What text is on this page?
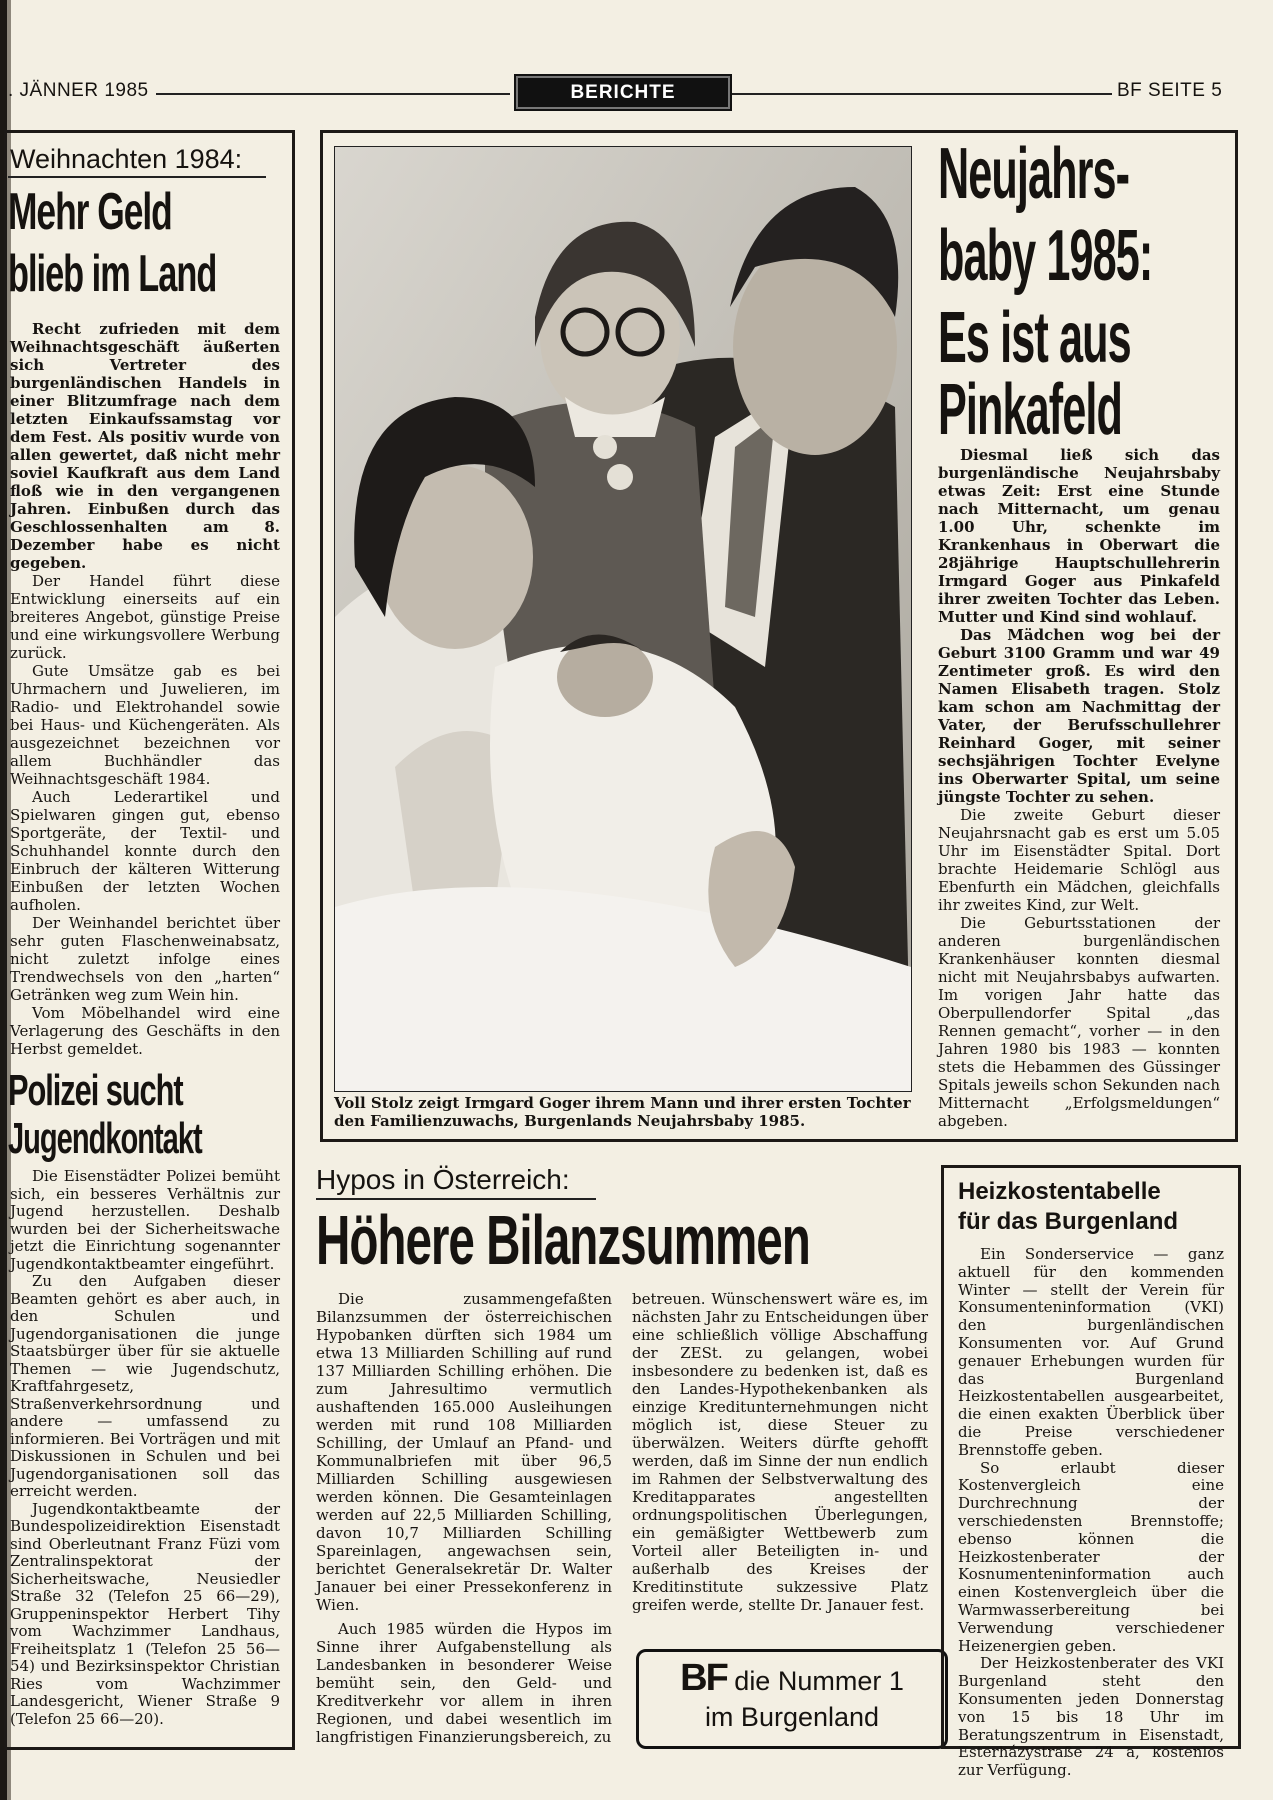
. JÄNNER 1985	BERICHTE	BF SEITE 5
Weihnachten 1984:
Mehr Geld
blieb im Land

Recht zufrieden mit dem Weihnachtsgeschäft äußerten sich Vertreter des burgenländischen Handels in einer Blitzumfrage nach dem letzten Einkaufssamstag vor dem Fest. Als positiv wurde von allen gewertet, daß nicht mehr soviel Kaufkraft aus dem Land floß wie in den vergangenen Jahren. Einbußen durch das Geschlossenhalten am 8. Dezember habe es nicht gegeben.

Der Handel führt diese Entwicklung einerseits auf ein breiteres Angebot, günstige Preise und eine wirkungsvollere Werbung zurück.

Gute Umsätze gab es bei Uhrmachern und Juwelieren, im Radio- und Elektrohandel sowie bei Haus- und Küchengeräten. Als ausgezeichnet bezeichnen vor allem Buchhändler das Weihnachtsgeschäft 1984.

Auch Lederartikel und Spielwaren gingen gut, ebenso Sportgeräte, der Textil- und Schuhhandel konnte durch den Einbruch der kälteren Witterung Einbußen der letzten Wochen aufholen.

Der Weinhandel berichtet über sehr guten Flaschenweinabsatz, nicht zuletzt infolge eines Trendwechsels von den „harten“ Getränken weg zum Wein hin.

Vom Möbelhandel wird eine Verlagerung des Geschäfts in den Herbst gemeldet.

Polizei sucht
Jugendkontakt

Die Eisenstädter Polizei bemüht sich, ein besseres Verhältnis zur Jugend herzustellen. Deshalb wurden bei der Sicherheitswache jetzt die Einrichtung sogenannter Jugendkontaktbeamter eingeführt.

Zu den Aufgaben dieser Beamten gehört es aber auch, in den Schulen und Jugendorganisationen die junge Staatsbürger über für sie aktuelle Themen — wie Jugendschutz, Kraftfahrgesetz, Straßenverkehrsordnung und andere — umfassend zu informieren. Bei Vorträgen und mit Diskussionen in Schulen und bei Jugendorganisationen soll das erreicht werden.

Jugendkontaktbeamte der Bundespolizeidirektion Eisenstadt sind Oberleutnant Franz Füzi vom Zentralinspektorat der Sicherheitswache, Neusiedler Straße 32 (Telefon 25 66—29), Gruppeninspektor Herbert Tihy vom Wachzimmer Landhaus, Freiheitsplatz 1 (Telefon 25 56—54) und Bezirksinspektor Christian Ries vom Wachzimmer Landesgericht, Wiener Straße 9 (Telefon 25 66—20).

Voll Stolz zeigt Irmgard Goger ihrem Mann und ihrer ersten Tochter den Familienzuwachs, Burgenlands Neujahrsbaby 1985.
Neujahrs-
baby 1985:
Es ist aus
Pinkafeld

Diesmal ließ sich das burgenländische Neujahrsbaby etwas Zeit: Erst eine Stunde nach Mitternacht, um genau 1.00 Uhr, schenkte im Krankenhaus in Oberwart die 28jährige Hauptschullehrerin Irmgard Goger aus Pinkafeld ihrer zweiten Tochter das Leben. Mutter und Kind sind wohlauf.

Das Mädchen wog bei der Geburt 3100 Gramm und war 49 Zentimeter groß. Es wird den Namen Elisabeth tragen. Stolz kam schon am Nachmittag der Vater, der Berufsschullehrer Reinhard Goger, mit seiner sechsjährigen Tochter Evelyne ins Oberwarter Spital, um seine jüngste Tochter zu sehen.

Die zweite Geburt dieser Neujahrsnacht gab es erst um 5.05 Uhr im Eisenstädter Spital. Dort brachte Heidemarie Schlögl aus Ebenfurth ein Mädchen, gleichfalls ihr zweites Kind, zur Welt.

Die Geburtsstationen der anderen burgenländischen Krankenhäuser konnten diesmal nicht mit Neujahrsbabys aufwarten. Im vorigen Jahr hatte das Oberpullendorfer Spital „das Rennen gemacht“, vorher — in den Jahren 1980 bis 1983 — konnten stets die Hebammen des Güssinger Spitals jeweils schon Sekunden nach Mitternacht „Erfolgsmeldungen“ abgeben.

Hypos in Österreich:
Höhere Bilanzsummen

Die zusammengefaßten Bilanzsummen der österreichischen Hypobanken dürften sich 1984 um etwa 13 Milliarden Schilling auf rund 137 Milliarden Schilling erhöhen. Die zum Jahresultimo vermutlich aushaftenden 165.000 Ausleihungen werden mit rund 108 Milliarden Schilling, der Umlauf an Pfand- und Kommunalbriefen mit über 96,5 Milliarden Schilling ausgewiesen werden können. Die Gesamteinlagen werden auf 22,5 Milliarden Schilling, davon 10,7 Milliarden Schilling Spareinlagen, angewachsen sein, berichtet Generalsekretär Dr. Walter Janauer bei einer Pressekonferenz in Wien.

Auch 1985 würden die Hypos im Sinne ihrer Aufgabenstellung als Landesbanken in besonderer Weise bemüht sein, den Geld- und Kreditverkehr vor allem in ihren Regionen, und dabei wesentlich im langfristigen Finanzierungsbereich, zu

betreuen. Wünschenswert wäre es, im nächsten Jahr zu Entscheidungen über eine schließlich völlige Abschaffung der ZESt. zu gelangen, wobei insbesondere zu bedenken ist, daß es den Landes-Hypothekenbanken als einzige Kreditunternehmungen nicht möglich ist, diese Steuer zu überwälzen. Weiters dürfte gehofft werden, daß im Sinne der nun endlich im Rahmen der Selbstverwaltung des Kreditapparates angestellten ordnungspolitischen Überlegungen, ein gemäßigter Wettbewerb zum Vorteil aller Beteiligten in- und außerhalb des Kreises der Kreditinstitute sukzessive Platz greifen werde, stellte Dr. Janauer fest.

BF die Nummer 1
im Burgenland
Heizkostentabelle
für das Burgenland

Ein Sonderservice — ganz aktuell für den kommenden Winter — stellt der Verein für Konsumenteninformation (VKI) den burgenländischen Konsumenten vor. Auf Grund genauer Erhebungen wurden für das Burgenland Heizkostentabellen ausgearbeitet, die einen exakten Überblick über die Preise verschiedener Brennstoffe geben.

So erlaubt dieser Kostenvergleich eine Durchrechnung der verschiedensten Brennstoffe; ebenso können die Heizkostenberater der Kosnumenteninformation auch einen Kostenvergleich über die Warmwasserbereitung bei Verwendung verschiedener Heizenergien geben.

Der Heizkostenberater des VKI Burgenland steht den Konsumenten jeden Donnerstag von 15 bis 18 Uhr im Beratungszentrum in Eisenstadt, Esterházystraße 24 a, kostenlos zur Verfügung.
